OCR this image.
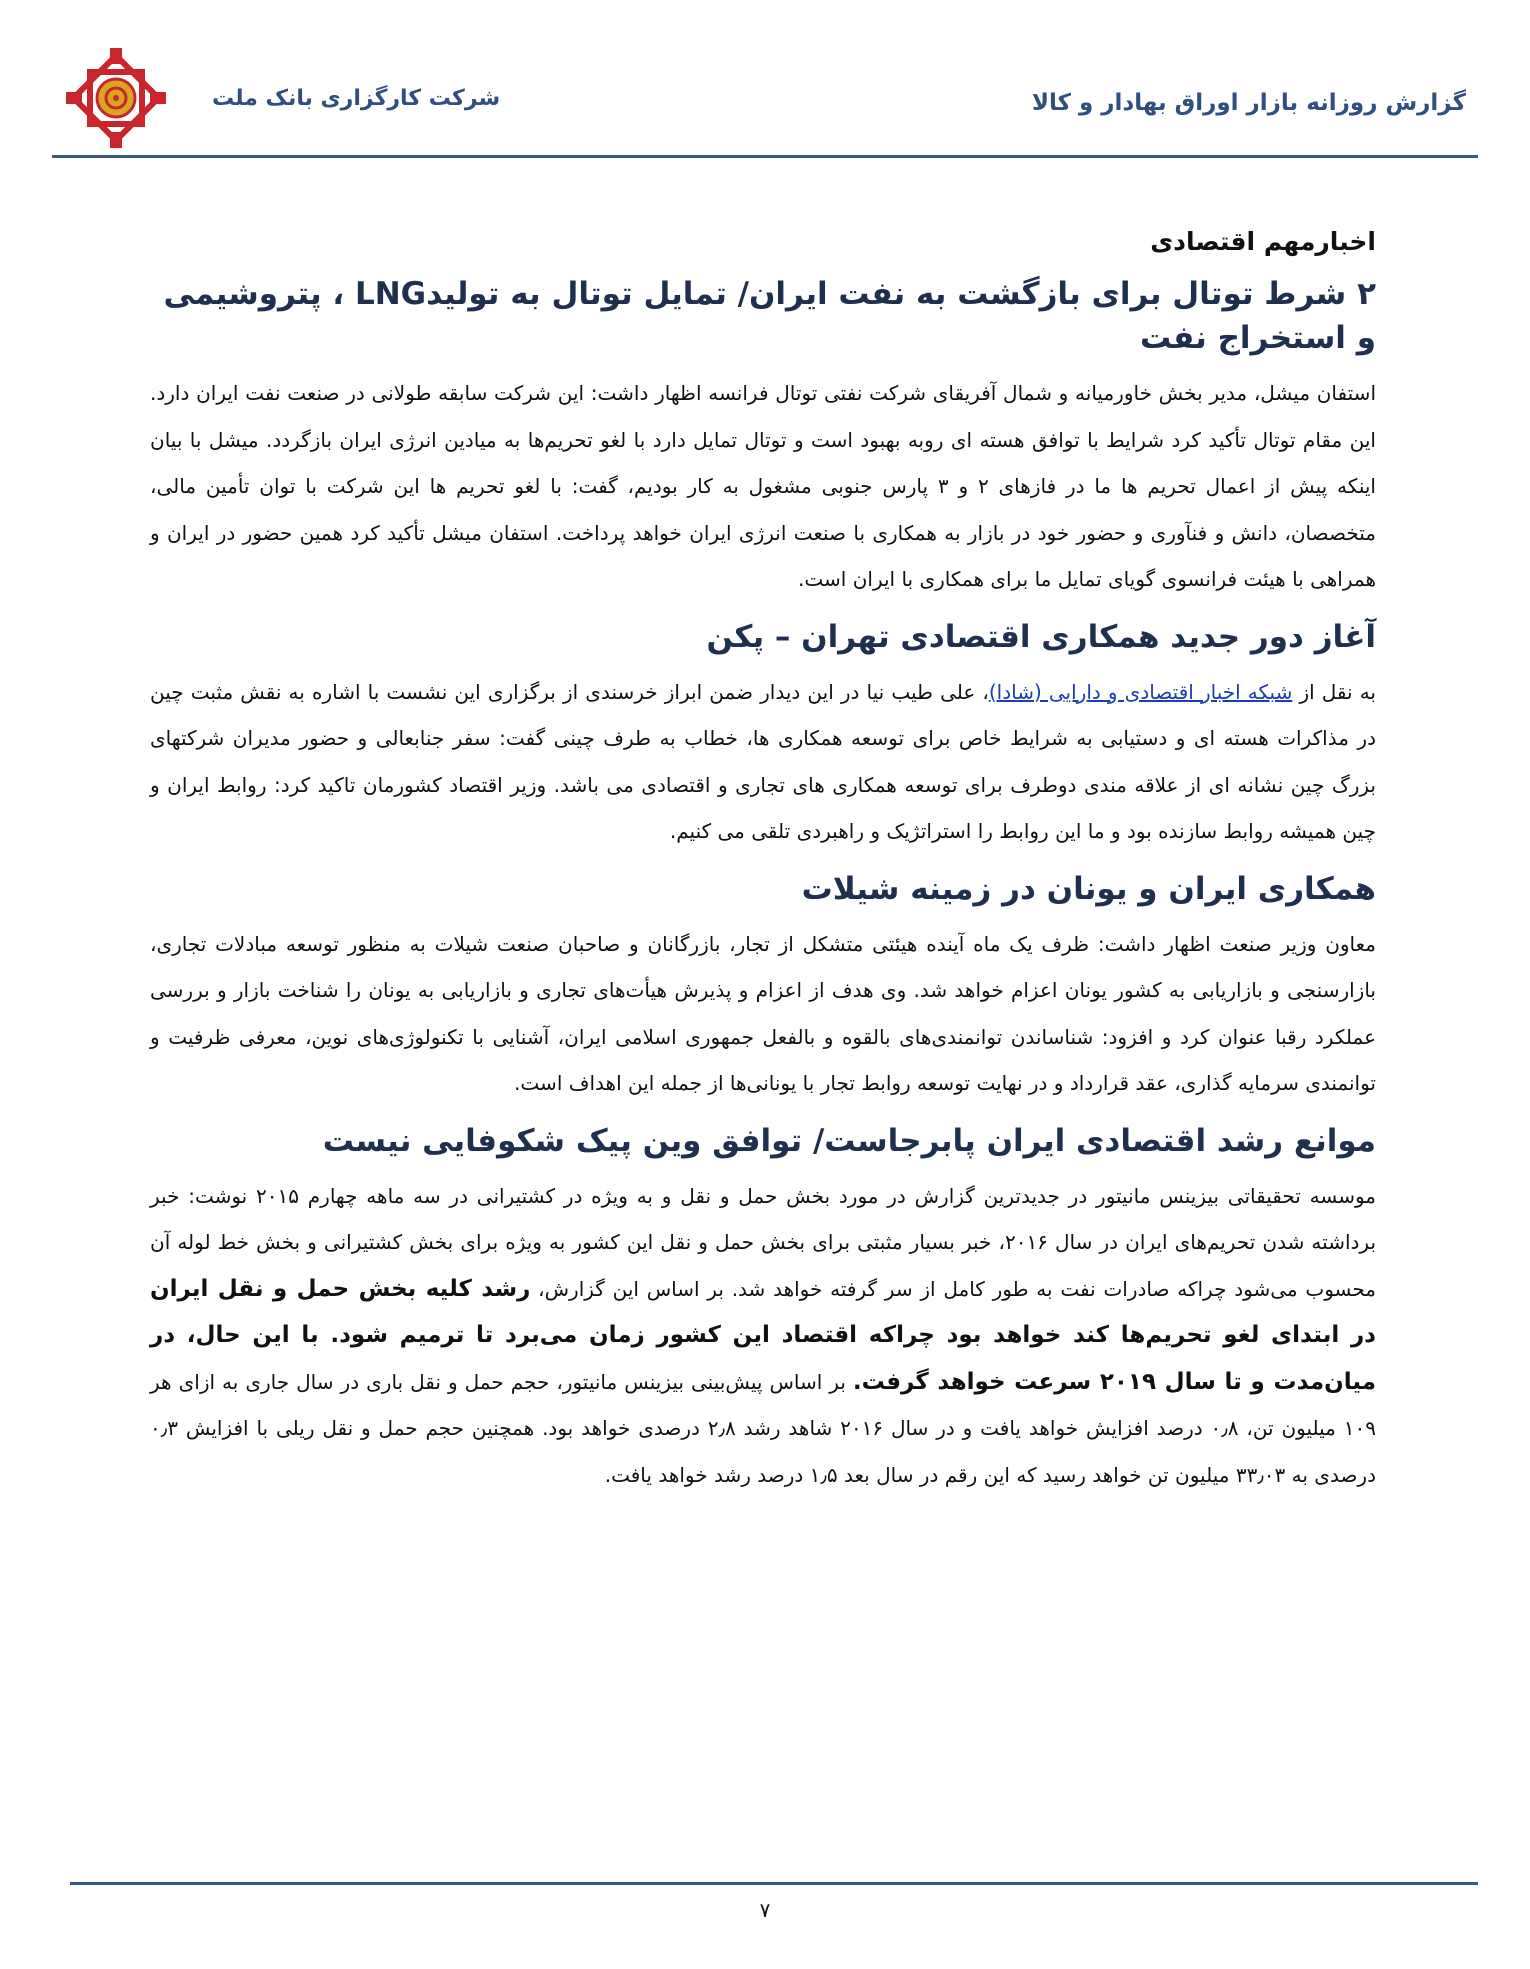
شرکت کارگزاری بانک ملت	گزارش روزانه بازار اوراق بهادار و کالا
اخبارمهم اقتصادی
۲ شرط توتال برای بازگشت به نفت ایران/ تمایل توتال به تولیدLNG ، پتروشیمی و استخراج نفت

استفان میشل، مدیر بخش خاورمیانه و شمال آفریقای شرکت نفتی توتال فرانسه اظهار داشت: این شرکت سابقه طولانی در صنعت نفت ایران دارد. این مقام توتال تأکید کرد شرایط با توافق هسته ای روبه بهبود است و توتال تمایل دارد با لغو تحریم‌ها به میادین انرژی ایران بازگردد. میشل با بیان اینکه پیش از اعمال تحریم ها ما در فازهای ۲ و ۳ پارس جنوبی مشغول به کار بودیم، گفت: با لغو تحریم ها این شرکت با توان تأمین مالی، متخصصان، دانش و فنآوری و حضور خود در بازار به همکاری با صنعت انرژی ایران خواهد پرداخت. استفان میشل تأکید کرد همین حضور در ایران و همراهی با هیئت فرانسوی گویای تمایل ما برای همکاری با ایران است.

آغاز دور جدید همکاری اقتصادی تهران – پکن

به نقل از شبکه اخبار اقتصادی و دارایی (شادا)، علی طیب نیا در این دیدار ضمن ابراز خرسندی از برگزاری این نشست با اشاره به نقش مثبت چین در مذاکرات هسته ای و دستیابی به شرایط خاص برای توسعه همکاری ها، خطاب به طرف چینی گفت: سفر جنابعالی و حضور مدیران شرکتهای بزرگ چین نشانه ای از علاقه مندی دوطرف برای توسعه همکاری های تجاری و اقتصادی می باشد. وزیر اقتصاد کشورمان تاکید کرد: روابط ایران و چین همیشه روابط سازنده بود و ما این روابط را استراتژیک و راهبردی تلقی می کنیم.

همکاری ایران و یونان در زمینه شیلات

معاون وزیر صنعت اظهار داشت: ظرف یک ماه آینده هیئتی متشکل از تجار، بازرگانان و صاحبان صنعت شیلات به منظور توسعه مبادلات تجاری، بازارسنجی و بازاریابی به کشور یونان اعزام خواهد شد. وی هدف از اعزام و پذیرش هیأت‌های تجاری و بازاریابی به یونان را شناخت بازار و بررسی عملکرد رقبا عنوان کرد و افزود: شناساندن توانمندی‌های بالقوه و بالفعل جمهوری اسلامی ایران، آشنایی با تکنولوژی‌های نوین، معرفی ظرفیت و توانمندی سرمایه گذاری، عقد قرارداد و در نهایت توسعه روابط تجار با یونانی‌ها از جمله این اهداف است.

موانع رشد اقتصادی ایران پابرجاست/ توافق وین پیک شکوفایی نیست

موسسه تحقیقاتی بیزینس مانیتور در جدیدترین گزارش در مورد بخش حمل و نقل و به ویژه در کشتیرانی در سه ماهه چهارم ۲۰۱۵ نوشت: خبر برداشته شدن تحریم‌های ایران در سال ۲۰۱۶، خبر بسیار مثبتی برای بخش حمل و نقل این کشور به ویژه برای بخش کشتیرانی و بخش خط لوله آن محسوب می‌شود چراکه صادرات نفت به طور کامل از سر گرفته خواهد شد. بر اساس این گزارش، رشد کلیه بخش حمل و نقل ایران در ابتدای لغو تحریم‌ها کند خواهد بود چراکه اقتصاد این کشور زمان می‌برد تا ترمیم شود. با این حال، در میان‌مدت و تا سال ۲۰۱۹ سرعت خواهد گرفت. بر اساس پیش‌بینی بیزینس مانیتور، حجم حمل و نقل باری در سال جاری به ازای هر ۱۰۹ میلیون تن، ۰٫۸ درصد افزایش خواهد یافت و در سال ۲۰۱۶ شاهد رشد ۲٫۸ درصدی خواهد بود. همچنین حجم حمل و نقل ریلی با افزایش ۰٫۳ درصدی به ۳۳٫۰۳ میلیون تن خواهد رسید که این رقم در سال بعد ۱٫۵ درصد رشد خواهد یافت.

۷
